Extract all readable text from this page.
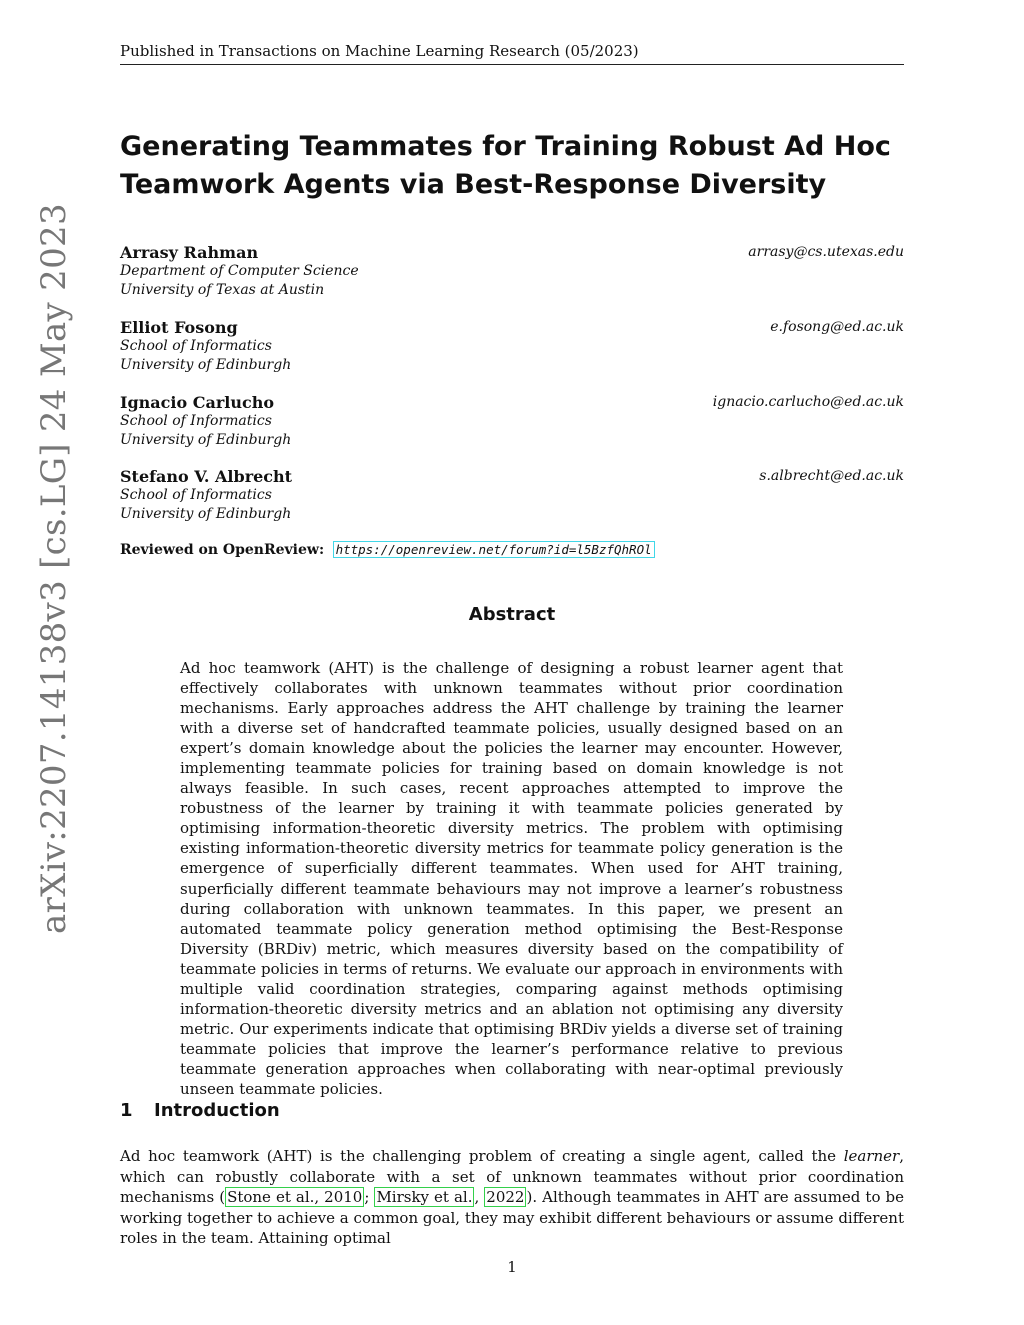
Published in Transactions on Machine Learning Research (05/2023)
arXiv:2207.14138v3 [cs.LG] 24 May 2023
Generating Teammates for Training Robust Ad Hoc Teamwork Agents via Best-Response Diversity
Arrasy Rahman	arrasy@cs.utexas.edu
Department of Computer Science
University of Texas at Austin
Elliot Fosong	e.fosong@ed.ac.uk
School of Informatics
University of Edinburgh
Ignacio Carlucho	ignacio.carlucho@ed.ac.uk
School of Informatics
University of Edinburgh
Stefano V. Albrecht	s.albrecht@ed.ac.uk
School of Informatics
University of Edinburgh
Reviewed on OpenReview: https://openreview.net/forum?id=l5BzfQhROl
Abstract

Ad hoc teamwork (AHT) is the challenge of designing a robust learner agent that effectively collaborates with unknown teammates without prior coordination mechanisms. Early approaches address the AHT challenge by training the learner with a diverse set of handcrafted teammate policies, usually designed based on an expert’s domain knowledge about the policies the learner may encounter. However, implementing teammate policies for training based on domain knowledge is not always feasible. In such cases, recent approaches attempted to improve the robustness of the learner by training it with teammate policies generated by optimising information-theoretic diversity metrics. The problem with optimising existing information-theoretic diversity metrics for teammate policy generation is the emergence of superficially different teammates. When used for AHT training, superficially different teammate behaviours may not improve a learner’s robustness during collaboration with unknown teammates. In this paper, we present an automated teammate policy generation method optimising the Best-Response Diversity (BRDiv) metric, which measures diversity based on the compatibility of teammate policies in terms of returns. We evaluate our approach in environments with multiple valid coordination strategies, comparing against methods optimising information-theoretic diversity metrics and an ablation not optimising any diversity metric. Our experiments indicate that optimising BRDiv yields a diverse set of training teammate policies that improve the learner’s performance relative to previous teammate generation approaches when collaborating with near-optimal previously unseen teammate policies.

1 Introduction

Ad hoc teamwork (AHT) is the challenging problem of creating a single agent, called the learner, which can robustly collaborate with a set of unknown teammates without prior coordination mechanisms ( Stone et al., 2010 ; Mirsky et al. , 2022 ). Although teammates in AHT are assumed to be working together to achieve a common goal, they may exhibit different behaviours or assume different roles in the team. Attaining optimal

1
